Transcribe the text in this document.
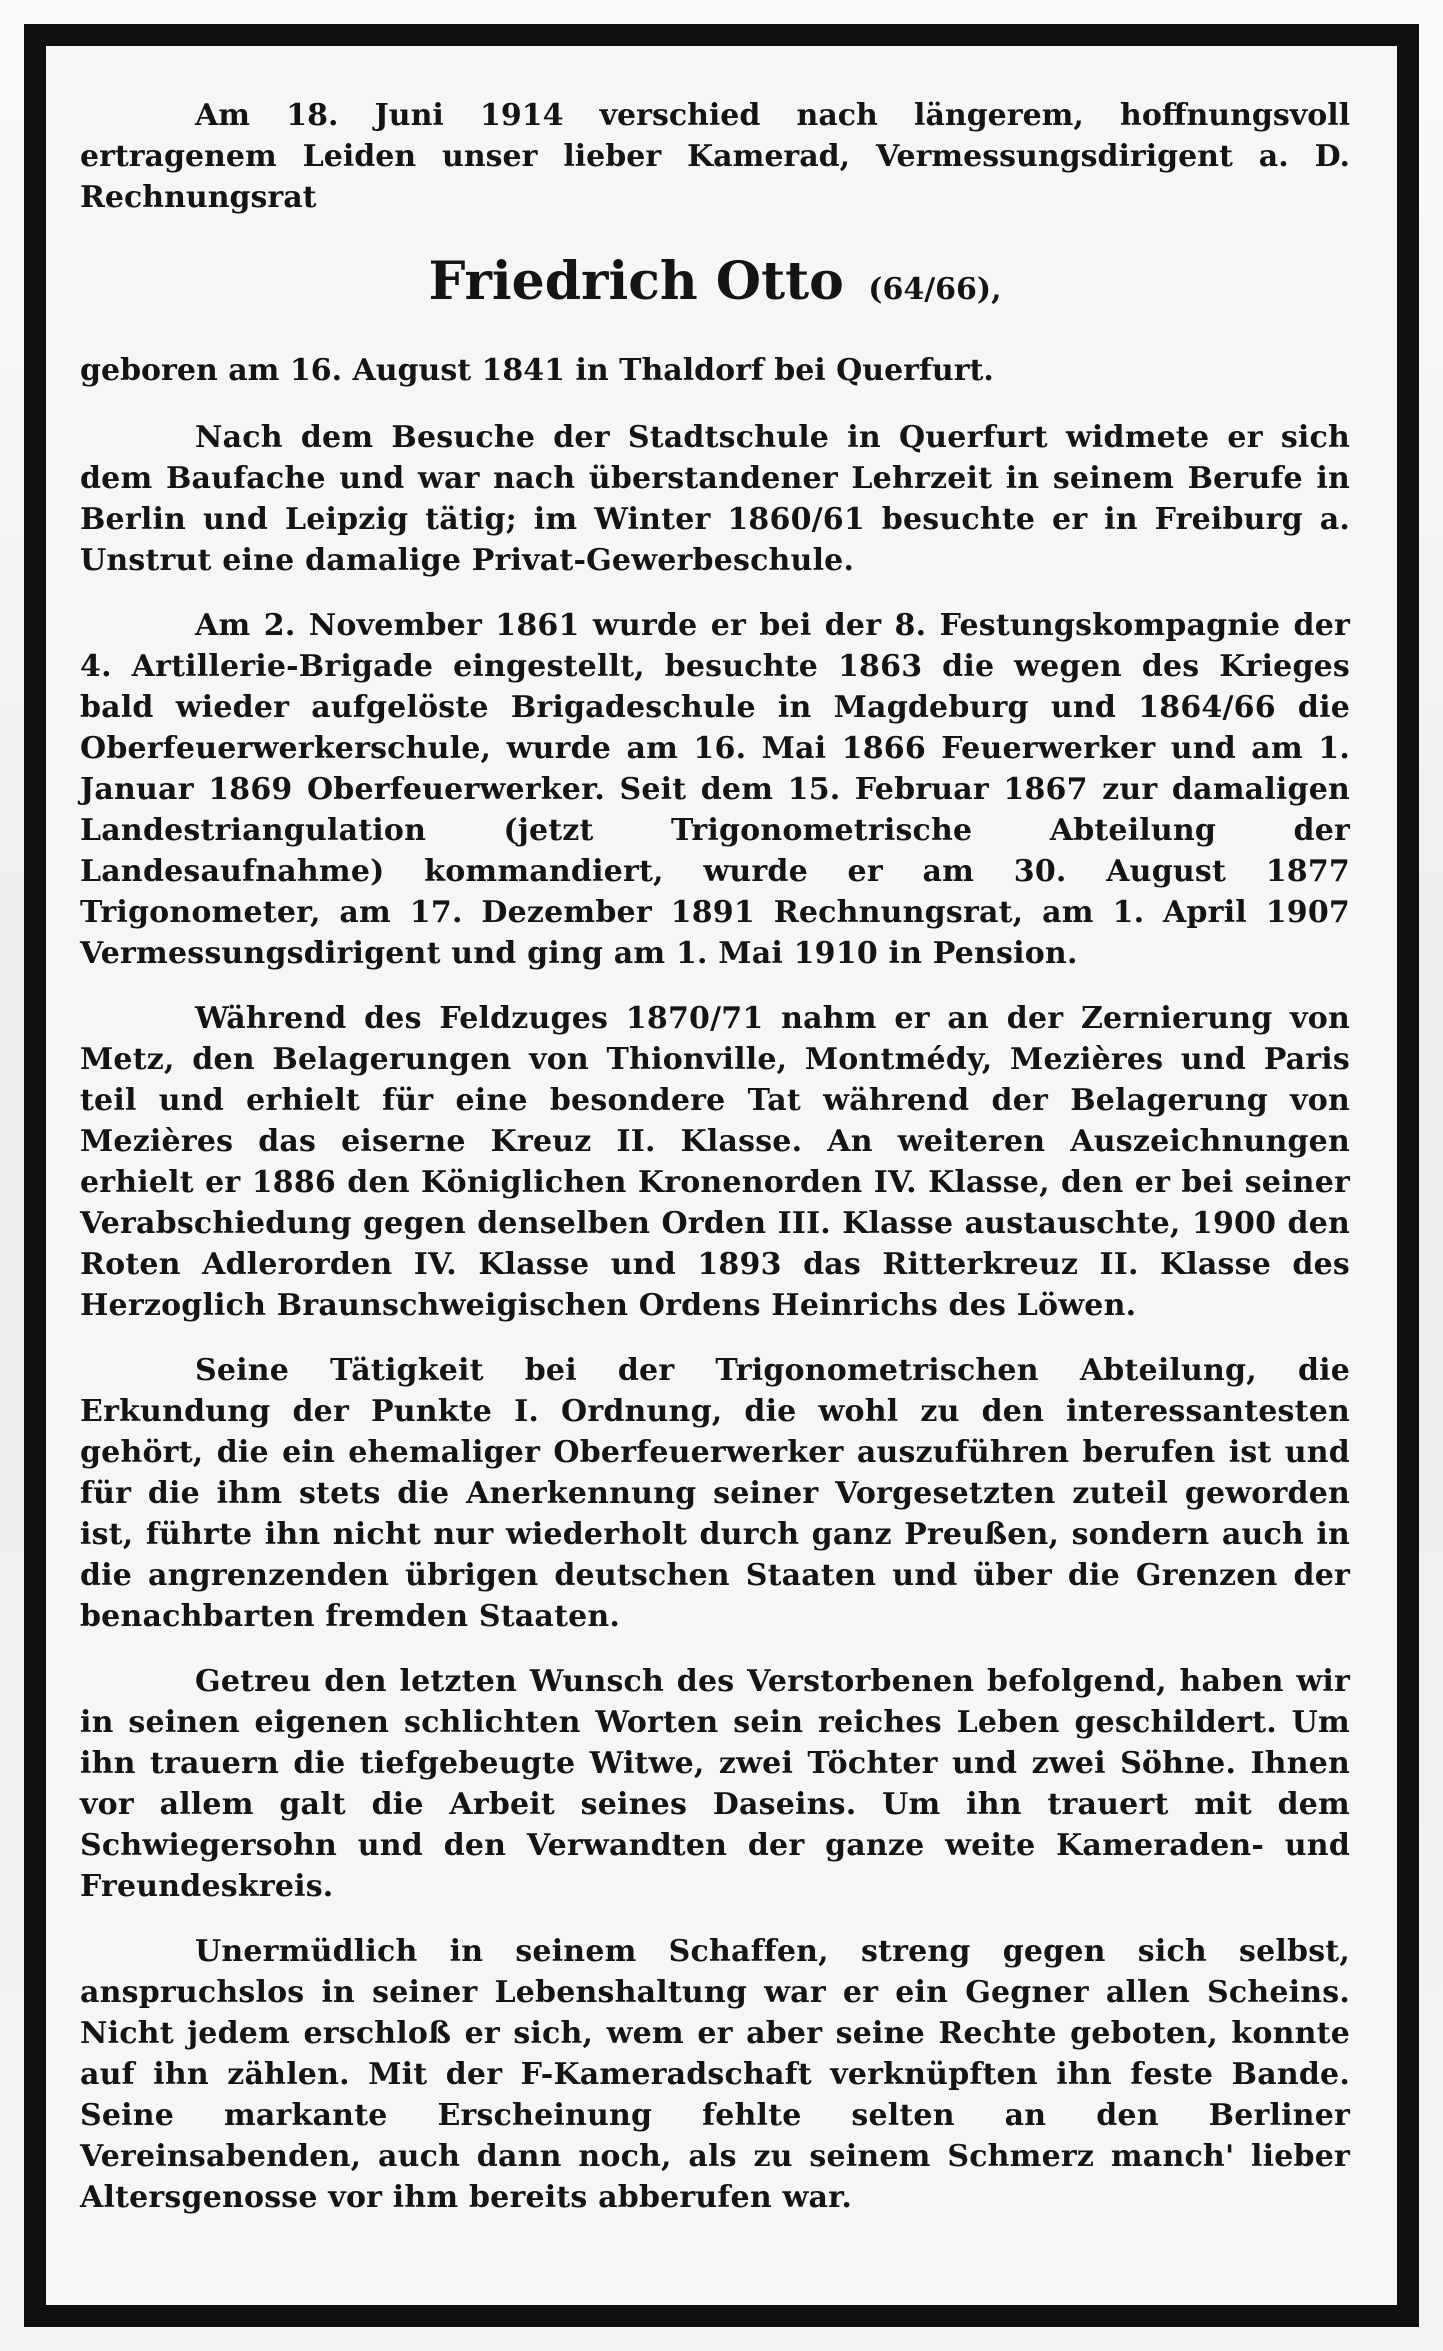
Am 18. Juni 1914 verschied nach längerem, hoffnungsvoll ertragenem Leiden unser lieber Kamerad, Vermessungsdirigent a. D. Rechnungsrat

Friedrich Otto (64/66),

geboren am 16. August 1841 in Thaldorf bei Querfurt.

Nach dem Besuche der Stadtschule in Querfurt widmete er sich dem Baufache und war nach überstandener Lehrzeit in seinem Berufe in Berlin und Leipzig tätig; im Winter 1860/61 besuchte er in Freiburg a. Unstrut eine damalige Privat-Gewerbeschule.

Am 2. November 1861 wurde er bei der 8. Festungskompagnie der 4. Artillerie-Brigade eingestellt, besuchte 1863 die wegen des Krieges bald wieder aufgelöste Brigadeschule in Magdeburg und 1864/66 die Oberfeuerwerkerschule, wurde am 16. Mai 1866 Feuerwerker und am 1. Januar 1869 Oberfeuerwerker. Seit dem 15. Februar 1867 zur damaligen Landestriangulation (jetzt Trigonometrische Abteilung der Landesaufnahme) kommandiert, wurde er am 30. August 1877 Trigonometer, am 17. Dezember 1891 Rechnungsrat, am 1. April 1907 Vermessungsdirigent und ging am 1. Mai 1910 in Pension.

Während des Feldzuges 1870/71 nahm er an der Zernierung von Metz, den Belagerungen von Thionville, Montmédy, Mezières und Paris teil und erhielt für eine besondere Tat während der Belagerung von Mezières das eiserne Kreuz II. Klasse. An weiteren Auszeichnungen erhielt er 1886 den Königlichen Kronenorden IV. Klasse, den er bei seiner Verabschiedung gegen denselben Orden III. Klasse austauschte, 1900 den Roten Adlerorden IV. Klasse und 1893 das Ritterkreuz II. Klasse des Herzoglich Braunschweigischen Ordens Heinrichs des Löwen.

Seine Tätigkeit bei der Trigonometrischen Abteilung, die Erkundung der Punkte I. Ordnung, die wohl zu den interessantesten gehört, die ein ehemaliger Oberfeuerwerker auszuführen berufen ist und für die ihm stets die Anerkennung seiner Vorgesetzten zuteil geworden ist, führte ihn nicht nur wiederholt durch ganz Preußen, sondern auch in die angrenzenden übrigen deutschen Staaten und über die Grenzen der benachbarten fremden Staaten.

Getreu den letzten Wunsch des Verstorbenen befolgend, haben wir in seinen eigenen schlichten Worten sein reiches Leben geschildert. Um ihn trauern die tiefgebeugte Witwe, zwei Töchter und zwei Söhne. Ihnen vor allem galt die Arbeit seines Daseins. Um ihn trauert mit dem Schwiegersohn und den Verwandten der ganze weite Kameraden- und Freundeskreis.

Unermüdlich in seinem Schaffen, streng gegen sich selbst, anspruchslos in seiner Lebenshaltung war er ein Gegner allen Scheins. Nicht jedem erschloß er sich, wem er aber seine Rechte geboten, konnte auf ihn zählen. Mit der F-Kameradschaft verknüpften ihn feste Bande. Seine markante Erscheinung fehlte selten an den Berliner Vereinsabenden, auch dann noch, als zu seinem Schmerz manch' lieber Altersgenosse vor ihm bereits abberufen war.
